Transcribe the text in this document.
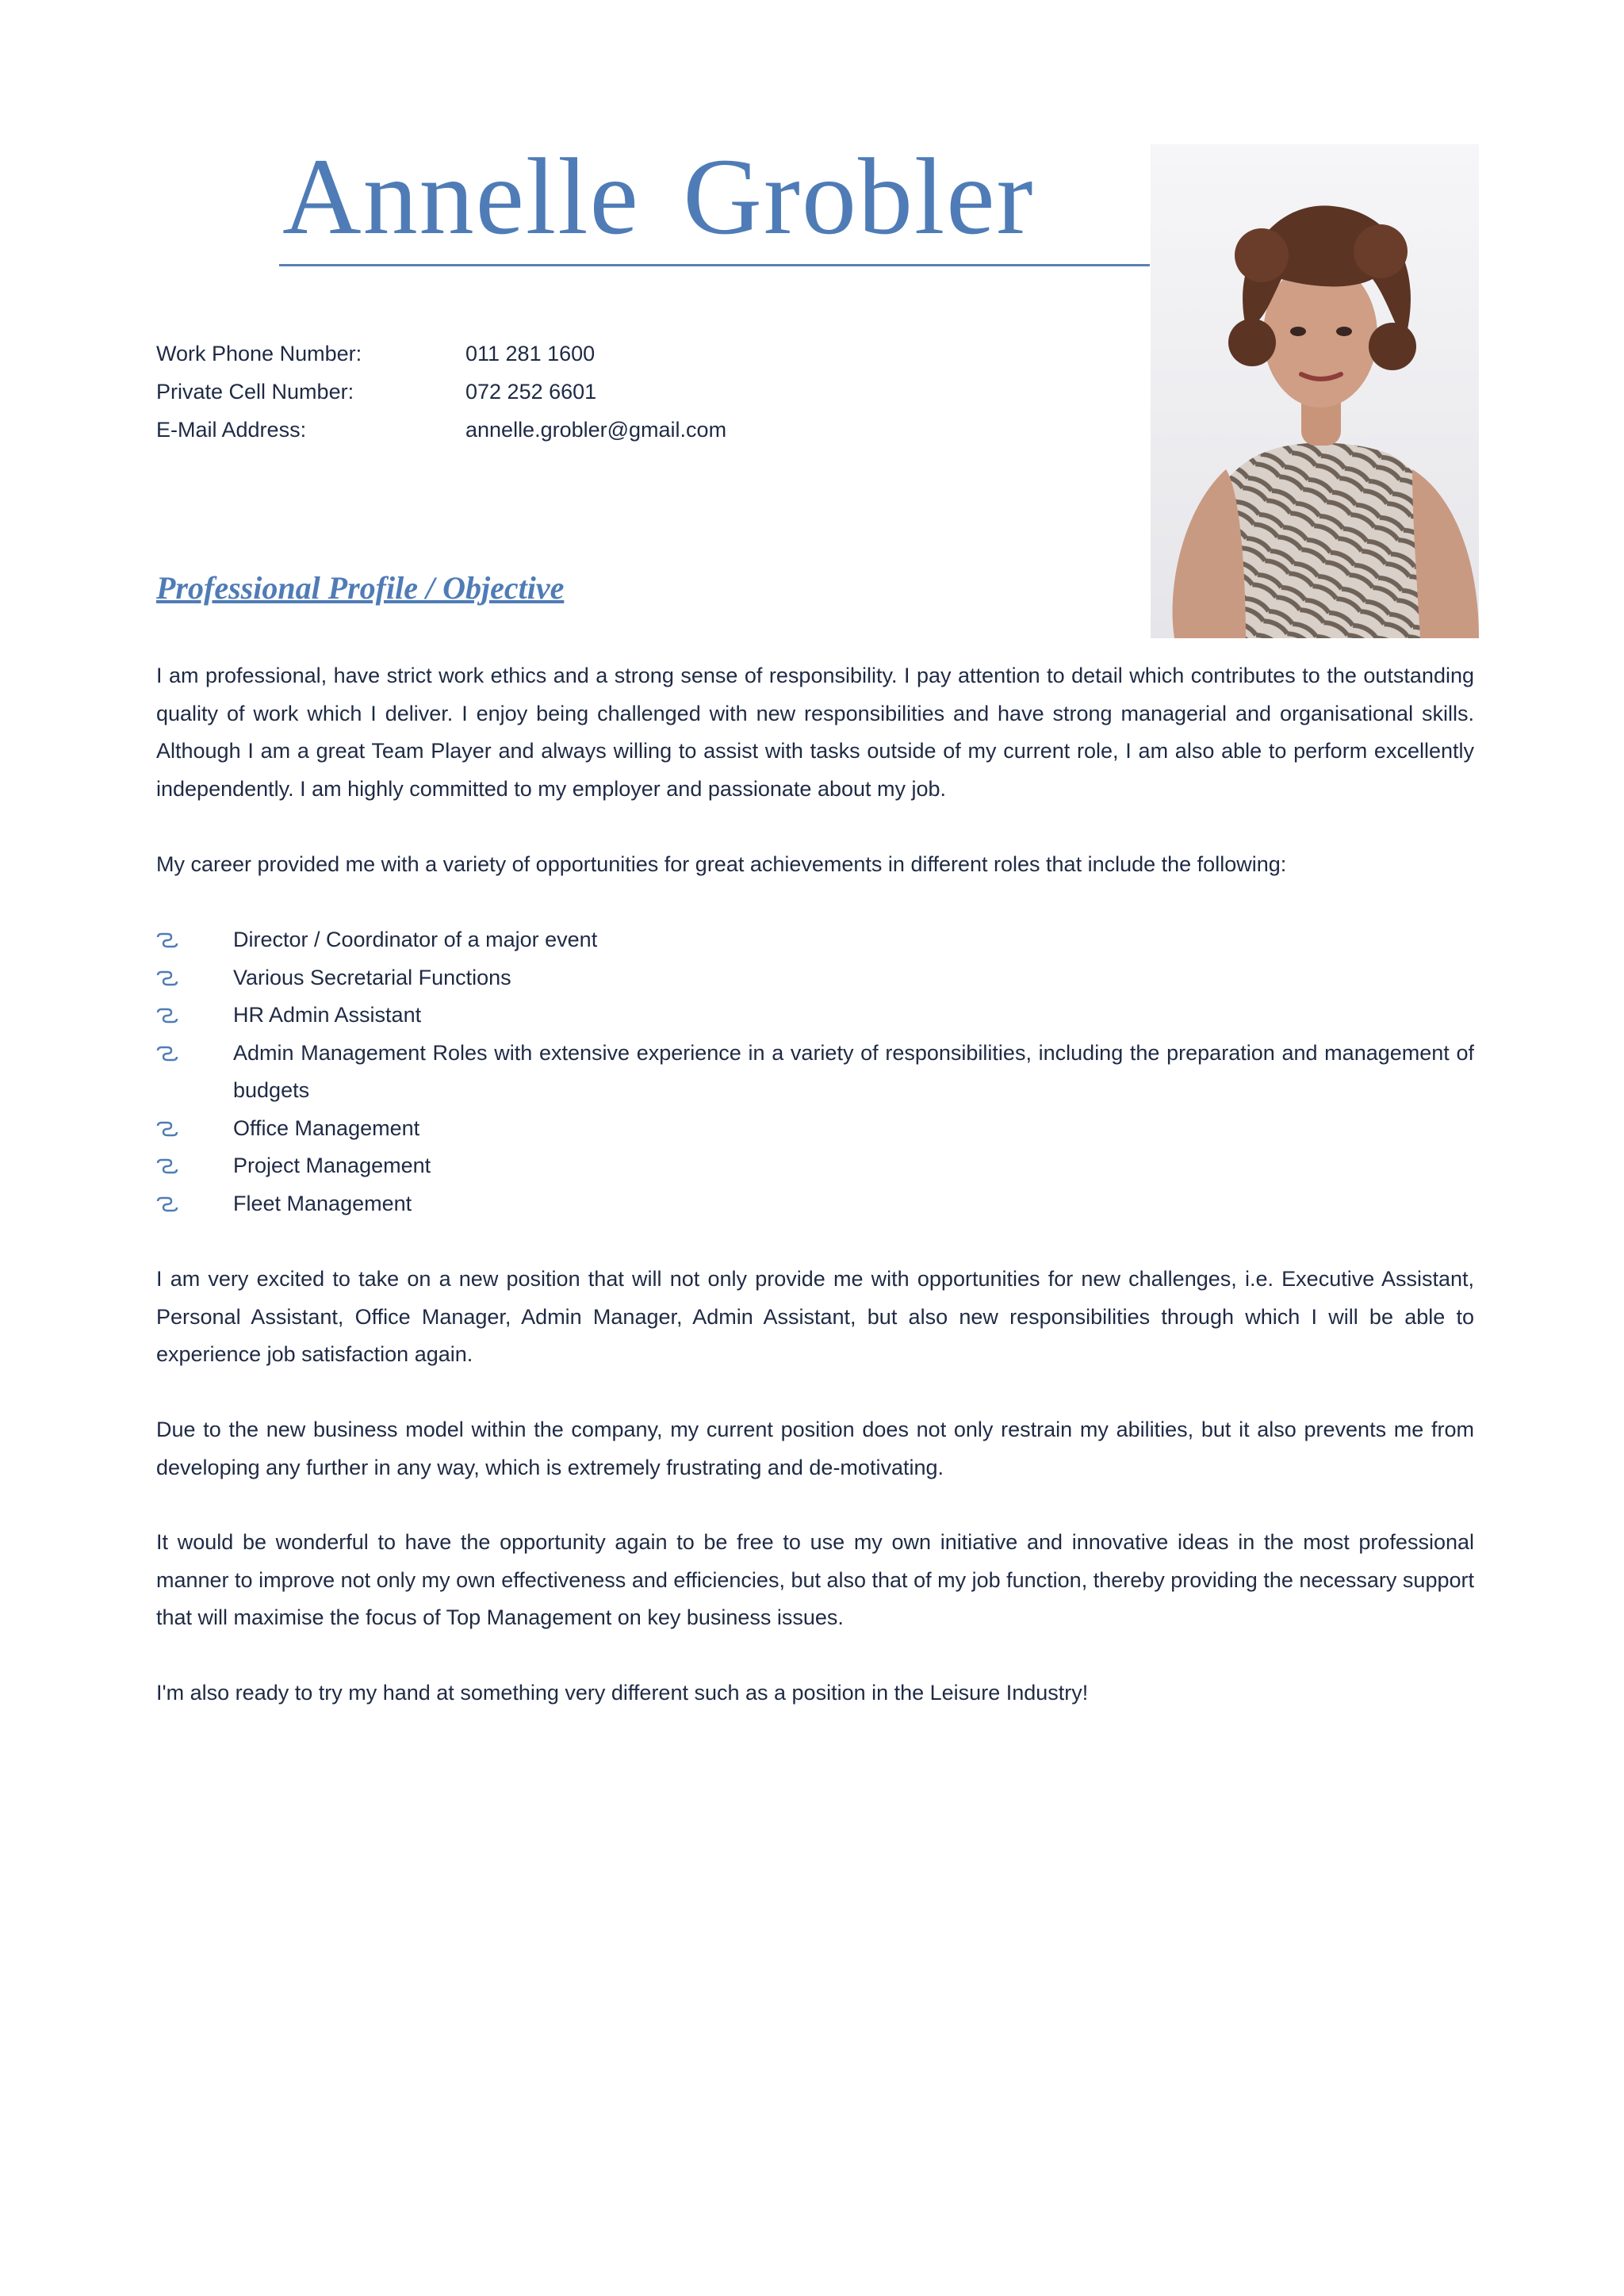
Annelle Grobler
Work Phone Number:	011 281 1600
Private Cell Number:	072 252 6601
E-Mail Address:	annelle.grobler@gmail.com
Professional Profile / Objective

I am professional, have strict work ethics and a strong sense of responsibility. I pay attention to detail which contributes to the outstanding quality of work which I deliver. I enjoy being challenged with new responsibilities and have strong managerial and organisational skills. Although I am a great Team Player and always willing to assist with tasks outside of my current role, I am also able to perform excellently independently. I am highly committed to my employer and passionate about my job.

My career provided me with a variety of opportunities for great achievements in different roles that include the following:

Director / Coordinator of a major event
Various Secretarial Functions
HR Admin Assistant
Admin Management Roles with extensive experience in a variety of responsibilities, including the preparation and management of budgets
Office Management
Project Management
Fleet Management

I am very excited to take on a new position that will not only provide me with opportunities for new challenges, i.e. Executive Assistant, Personal Assistant, Office Manager, Admin Manager, Admin Assistant, but also new responsibilities through which I will be able to experience job satisfaction again.

Due to the new business model within the company, my current position does not only restrain my abilities, but it also prevents me from developing any further in any way, which is extremely frustrating and de-motivating.

It would be wonderful to have the opportunity again to be free to use my own initiative and innovative ideas in the most professional manner to improve not only my own effectiveness and efficiencies, but also that of my job function, thereby providing the necessary support that will maximise the focus of Top Management on key business issues.

I'm also ready to try my hand at something very different such as a position in the Leisure Industry!
